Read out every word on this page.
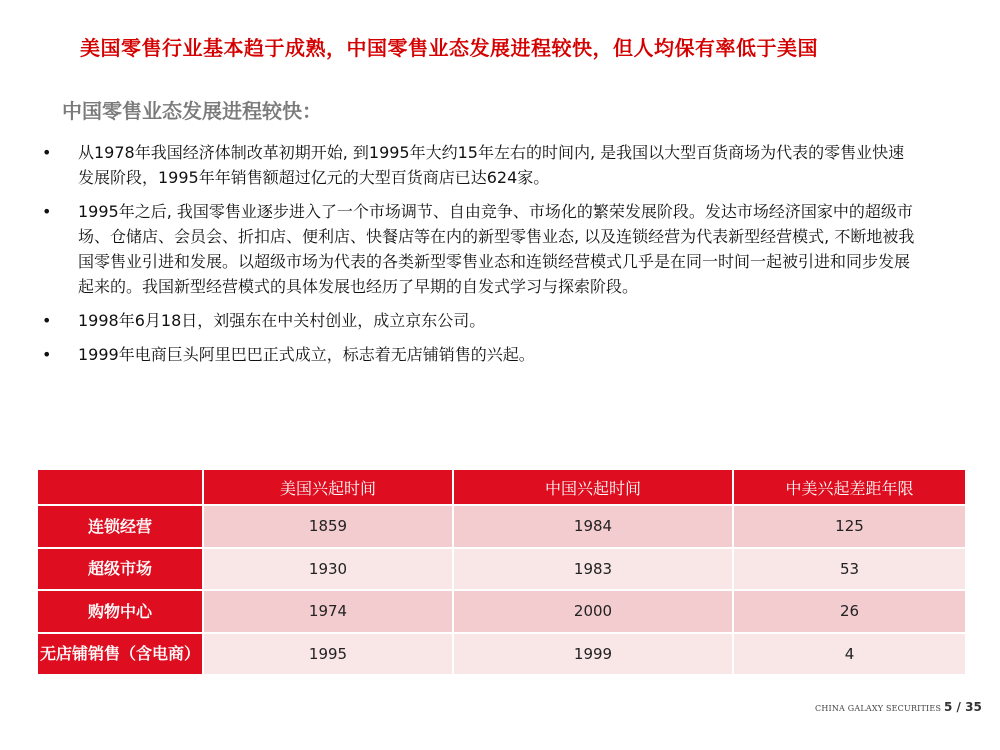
美国零售行业基本趋于成熟，中国零售业态发展进程较快，但人均保有率低于美国
中国零售业态发展进程较快：
• 从1978年我国经济体制改革初期开始, 到1995年大约15年左右的时间内, 是我国以大型百货商场为代表的零售业快速发展阶段，1995年年销售额超过亿元的大型百货商店已达624家。
• 1995年之后, 我国零售业逐步进入了一个市场调节、自由竞争、市场化的繁荣发展阶段。发达市场经济国家中的超级市场、仓储店、会员会、折扣店、便利店、快餐店等在内的新型零售业态, 以及连锁经营为代表新型经营模式, 不断地被我国零售业引进和发展。以超级市场为代表的各类新型零售业态和连锁经营模式几乎是在同一时间一起被引进和同步发展起来的。我国新型经营模式的具体发展也经历了早期的自发式学习与探索阶段。
• 1998年6月18日，刘强东在中关村创业，成立京东公司。
• 1999年电商巨头阿里巴巴正式成立，标志着无店铺销售的兴起。
	美国兴起时间	中国兴起时间	中美兴起差距年限
连锁经营	1859	1984	125
超级市场	1930	1983	53
购物中心	1974	2000	26
无店铺销售（含电商）	1995	1999	4
CHINA GALAXY SECURITIES 5 / 35
